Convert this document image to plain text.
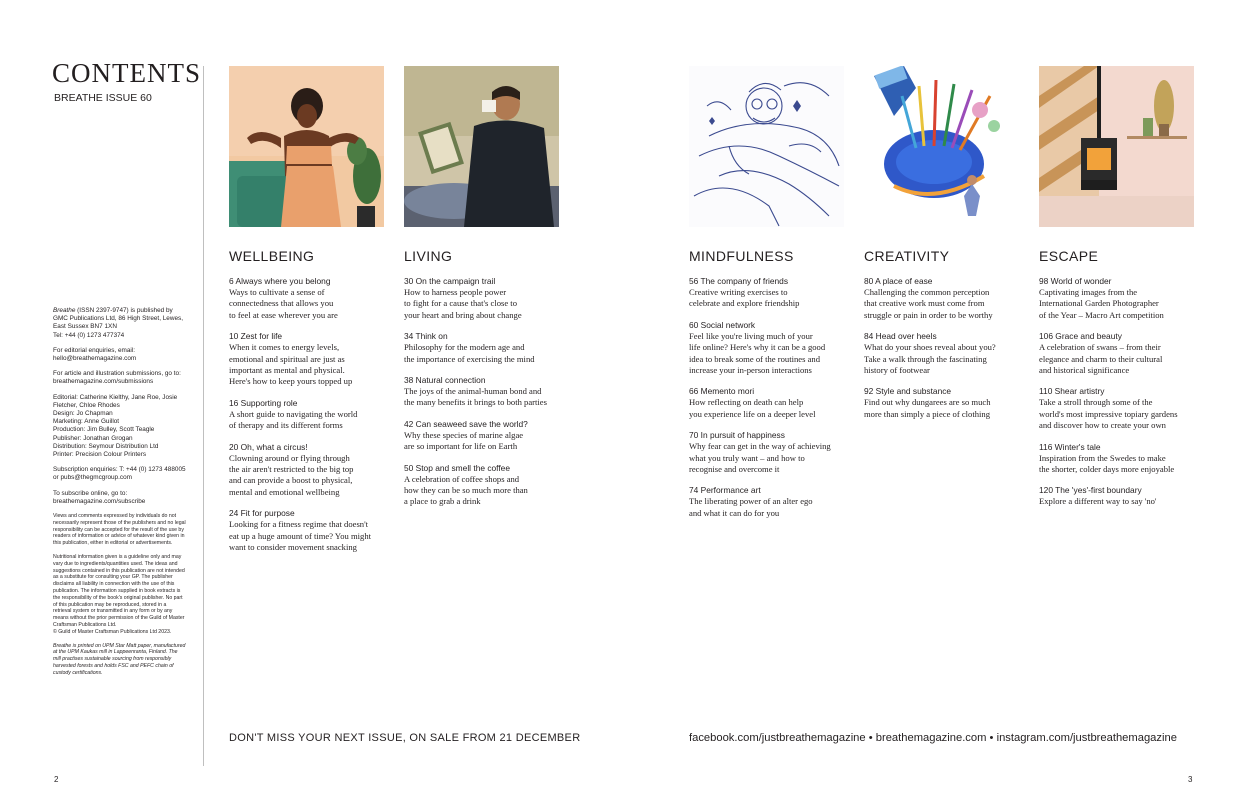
CONTENTS
BREATHE ISSUE 60

Breathe (ISSN 2397-9747) is published by GMC Publications Ltd, 86 High Street, Lewes, East Sussex BN7 1XN
Tel: +44 (0) 1273 477374

For editorial enquiries, email: hello@breathemagazine.com

For article and illustration submissions, go to: breathemagazine.com/submissions

Editorial: Catherine Kielthy, Jane Roe, Josie Fletcher, Chloe Rhodes
Design: Jo Chapman
Marketing: Anne Guillot
Production: Jim Bulley, Scott Teagle
Publisher: Jonathan Grogan
Distribution: Seymour Distribution Ltd
Printer: Precision Colour Printers

Subscription enquiries: T: +44 (0) 1273 488005 or pubs@thegmcgroup.com

To subscribe online, go to: breathemagazine.com/subscribe

Views and comments expressed by individuals do not necessarily represent those of the publishers and no legal responsibility can be accepted for the result of the use by readers of information or advice of whatever kind given in this publication, either in editorial or advertisements.

Nutritional information given is a guideline only and may vary due to ingredients/quantities used. The ideas and suggestions contained in this publication are not intended as a substitute for consulting your GP. The publisher disclaims all liability in connection with the use of this publication. The information supplied in book extracts is the responsibility of the book's original publisher. No part of this publication may be reproduced, stored in a retrieval system or transmitted in any form or by any means without the prior permission of the Guild of Master Craftsman Publications Ltd.
© Guild of Master Craftsman Publications Ltd 2023.

Breathe is printed on UPM Star Matt paper, manufactured at the UPM Kaukas mill in Lappeenranta, Finland. The mill practises sustainable sourcing from responsibly harvested forests and holds FSC and PEFC chain of custody certifications.

WELLBEING
6 Always where you belong
Ways to cultivate a sense of
connectedness that allows you
to feel at ease wherever you are
10 Zest for life
When it comes to energy levels,
emotional and spiritual are just as
important as mental and physical.
Here's how to keep yours topped up
16 Supporting role
A short guide to navigating the world
of therapy and its different forms
20 Oh, what a circus!
Clowning around or flying through
the air aren't restricted to the big top
and can provide a boost to physical,
mental and emotional wellbeing
24 Fit for purpose
Looking for a fitness regime that doesn't
eat up a huge amount of time? You might
want to consider movement snacking
LIVING
30 On the campaign trail
How to harness people power
to fight for a cause that's close to
your heart and bring about change
34 Think on
Philosophy for the modern age and
the importance of exercising the mind
38 Natural connection
The joys of the animal-human bond and
the many benefits it brings to both parties
42 Can seaweed save the world?
Why these species of marine algae
are so important for life on Earth
50 Stop and smell the coffee
A celebration of coffee shops and
how they can be so much more than
a place to grab a drink
MINDFULNESS
56 The company of friends
Creative writing exercises to
celebrate and explore friendship
60 Social network
Feel like you're living much of your
life online? Here's why it can be a good
idea to break some of the routines and
increase your in-person interactions
66 Memento mori
How reflecting on death can help
you experience life on a deeper level
70 In pursuit of happiness
Why fear can get in the way of achieving
what you truly want – and how to
recognise and overcome it
74 Performance art
The liberating power of an alter ego
and what it can do for you
CREATIVITY
80 A place of ease
Challenging the common perception
that creative work must come from
struggle or pain in order to be worthy
84 Head over heels
What do your shoes reveal about you?
Take a walk through the fascinating
history of footwear
92 Style and substance
Find out why dungarees are so much
more than simply a piece of clothing
ESCAPE
98 World of wonder
Captivating images from the
International Garden Photographer
of the Year – Macro Art competition
106 Grace and beauty
A celebration of swans – from their
elegance and charm to their cultural
and historical significance
110 Shear artistry
Take a stroll through some of the
world's most impressive topiary gardens
and discover how to create your own
116 Winter's tale
Inspiration from the Swedes to make
the shorter, colder days more enjoyable
120 The 'yes'-first boundary
Explore a different way to say 'no'
DON'T MISS YOUR NEXT ISSUE, ON SALE FROM 21 DECEMBER	facebook.com/justbreathemagazine • breathemagazine.com • instagram.com/justbreathemagazine
2	3
